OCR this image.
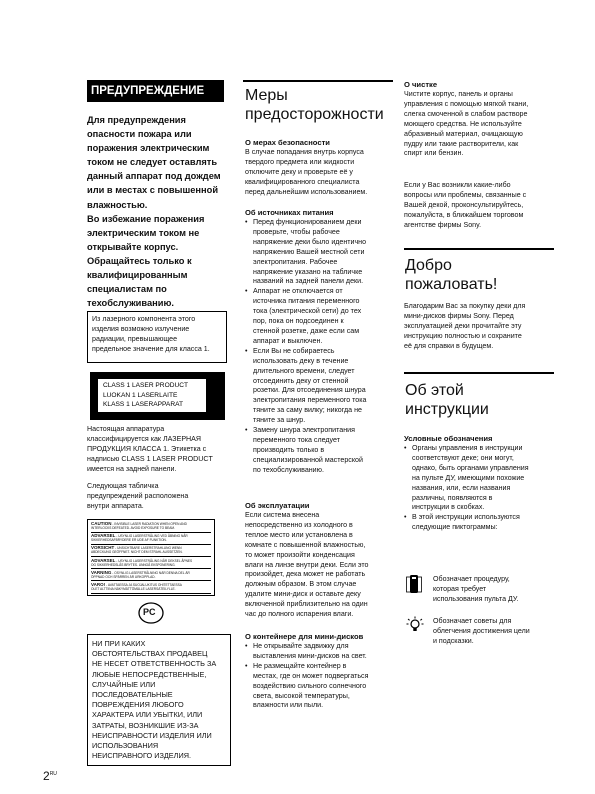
ПРЕДУПРЕЖДЕНИЕ
Для предупреждения
опасности пожара или
поражения электрическим
током не следует оставлять
данный аппарат под дождем
или в местах с повышенной
влажностью.
Во избежание поражения
электрическим током не
открывайте корпус.
Обращайтесь только к
квалифицированным
специалистам по
техобслуживанию.
Из лазерного компонента этого
изделия возможно излучение
радиации, превышающее
предельное значение для класса 1.
CLASS 1 LASER PRODUCT
LUOKAN 1 LASERLAITE
KLASS 1 LASERAPPARAT
Настоящая аппаратура
классифицируется как ЛАЗЕРНАЯ
ПРОДУКЦИЯ КЛАССА 1. Этикетка с
надписью CLASS 1 LASER PRODUCT
имеется на задней панели.
Следующая табличка
предупреждений расположена
внутри аппарата.
CAUTION - INVISIBLE LASER RADIATION WHEN OPEN AND
INTERLOCKS DEFEATED. AVOID EXPOSURE TO BEAM.
ADVARSEL - USYNLIG LASERSTRÅLING VED ÅBNING NÅR
SIKKERHEDSAFBRYDERE ER UDE AF FUNKTION.
VORSICHT - UNSICHTBARE LASERSTRAHLUNG WENN
ABDECKUNG GEÖFFNET. NICHT DEM STRAHL AUSSETZEN.
ADVARSEL - USYNLIG LASERSTRÅLING NÅR DEKSEL ÅPNES
OG SIKKERHEDSLÅS BRYTES. UNNGÅ EKSPONERING.
VARNING - OSYNLIG LASERSTRÅLNING NÄR DENNA DEL ÄR
ÖPPNAD OCH SPÄRREN ÄR URKOPPLAD.
VARO! - AVATTAESSA JA SUOJALUKITUS OHITETTAESSA
OLET ALTTIINA NÄKYMÄTTÖMÄLLE LASERSÄTEILYLLE.
PC
НИ ПРИ КАКИХ
ОБСТОЯТЕЛЬСТВАХ ПРОДАВЕЦ
НЕ НЕСЕТ ОТВЕТСТВЕННОСТЬ ЗА
ЛЮБЫЕ НЕПОСРЕДСТВЕННЫЕ,
СЛУЧАЙНЫЕ ИЛИ
ПОСЛЕДОВАТЕЛЬНЫЕ
ПОВРЕЖДЕНИЯ ЛЮБОГО
ХАРАКТЕРА ИЛИ УБЫТКИ, ИЛИ
ЗАТРАТЫ, ВОЗНИКШИЕ ИЗ-ЗА
НЕИСПРАВНОСТИ ИЗДЕЛИЯ ИЛИ
ИСПОЛЬЗОВАНИЯ
НЕИСПРАВНОГО ИЗДЕЛИЯ.
$2^{RU}$
Меры
предосторожности

О мерах безопасности

В случае попадания внутрь корпуса
твердого предмета или жидкости
отключите деку и проверьте её у
квалифицированного специалиста
перед дальнейшим использованием.

Об источниках питания

• Перед функционированием деки
проверьте, чтобы рабочее
напряжение деки было идентично
напряжению Вашей местной сети
электропитания. Рабочее
напряжение указано на табличке
названий на задней панели деки.
• Аппарат не отключается от
источника питания переменного
тока (электрической сети) до тех
пор, пока он подсоединен к
стенной розетке, даже если сам
аппарат и выключен.
• Если Вы не собираетесь
использовать деку в течение
длительного времени, следует
отсоединить деку от стенной
розетки. Для отсоединения шнура
электропитания переменного тока
тяните за саму вилку; никогда не
тяните за шнур.
• Замену шнура электропитания
переменного тока следует
производить только в
специализированной мастерской
по техобслуживанию.

Об эксплуатации

Если система внесена
непосредственно из холодного в
теплое место или установлена в
комнате с повышенной влажностью,
то может произойти конденсация
влаги на линзе внутри деки. Если это
произойдет, дека может не работать
должным образом. В этом случае
удалите мини-диск и оставьте деку
включенной приблизительно на один
час до полного испарения влаги.

О контейнере для мини-дисков

• Не открывайте задвижку для
выставления мини-дисков на свет.
• Не размещайте контейнер в
местах, где он может подвергаться
воздействию сильного солнечного
света, высокой температуры,
влажности или пыли.

О чистке

Чистите корпус, панель и органы
управления с помощью мягкой ткани,
слегка смоченной в слабом растворе
моющего средства. Не используйте
абразивный материал, очищающую
пудру или такие растворители, как
спирт или бензин.
Если у Вас возникли какие-либо
вопросы или проблемы, связанные с
Вашей декой, проконсультируйтесь,
пожалуйста, в ближайшем торговом
агентстве фирмы Sony.
Добро
пожаловать!
Благодарим Вас за покупку деки для
мини-дисков фирмы Sony. Перед
эксплуатацией деки прочитайте эту
инструкцию полностью и сохраните
её для справки в будущем.
Об этой
инструкции

Условные обозначения

• Органы управления в инструкции
соответствуют деке; они могут,
однако, быть органами управления
на пульте ДУ, имеющими похожие
названия, или, если названия
различны, появляются в
инструкции в скобках.
• В этой инструкции используются
следующие пиктограммы:
Обозначает процедуру,
которая требует
использования пульта ДУ.
Обозначает советы для
облегчения достижения цели
и подсказки.
